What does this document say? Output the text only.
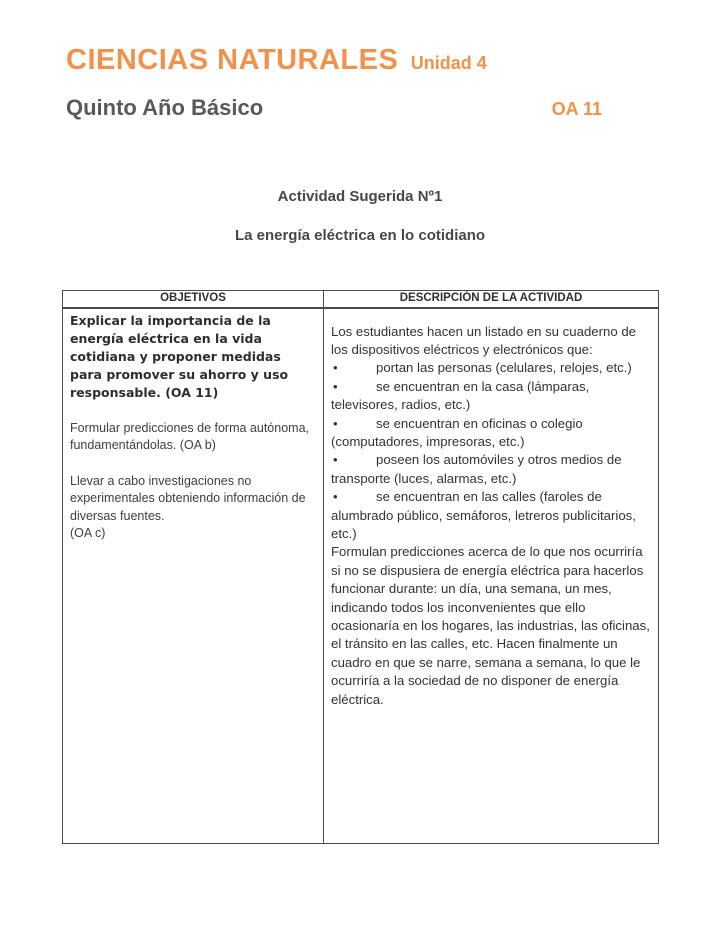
CIENCIAS NATURALES Unidad 4
Quinto Año Básico	OA 11
Actividad Sugerida Nº1
La energía eléctrica en lo cotidiano
OBJETIVOS	DESCRIPCIÓN DE LA ACTIVIDAD

Explicar la importancia de la energía eléctrica en la vida cotidiana y proponer medidas para promover su ahorro y uso responsable. (OA 11)
Formular predicciones de forma autónoma, fundamentándolas. (OA b)
Llevar a cabo investigaciones no experimentales obteniendo información de diversas fuentes.
(OA c)

Los estudiantes hacen un listado en su cuaderno de los dispositivos eléctricos y electrónicos que:
•	portan las personas (celulares, relojes, etc.)
•	se encuentran en la casa (lámparas, televisores, radios, etc.)
•	se encuentran en oficinas o colegio (computadores, impresoras, etc.)
•	poseen los automóviles y otros medios de transporte (luces, alarmas, etc.)
•	se encuentran en las calles (faroles de alumbrado público, semáforos, letreros publicitarios, etc.)
Formulan predicciones acerca de lo que nos ocurriría si no se dispusiera de energía eléctrica para hacerlos funcionar durante: un día, una semana, un mes, indicando todos los inconvenientes que ello ocasionaría en los hogares, las industrias, las oficinas, el tránsito en las calles, etc. Hacen finalmente un cuadro en que se narre, semana a semana, lo que le ocurriría a la sociedad de no disponer de energía eléctrica.
